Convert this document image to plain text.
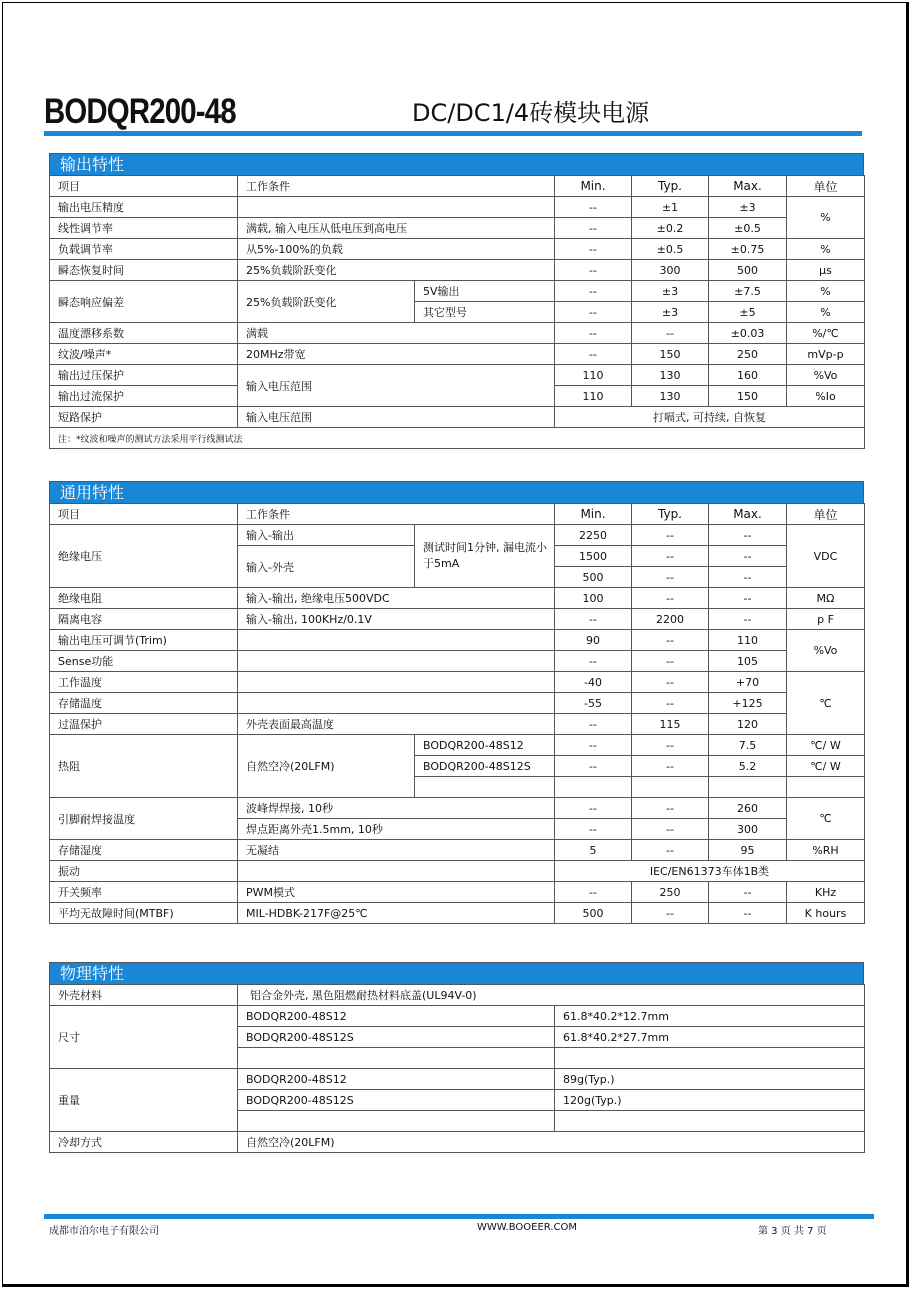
BODQR200-48	DC/DC1/4砖模块电源
输出特性
项目	工作条件		Min.	Typ.	Max.	单位
输出电压精度			--	±1	±3	%
线性调节率	满载, 输入电压从低电压到高电压		--	±0.2	±0.5	
负载调节率	从5%-100%的负载		--	±0.5	±0.75	%
瞬态恢复时间	25%负载阶跃变化		--	300	500	μs
瞬态响应偏差	25%负载阶跃变化	5V输出	--	±3	±7.5	%
		其它型号	--	±3	±5	%
温度漂移系数	满载		--	--	±0.03	%/℃
纹波/噪声*	20MHz带宽		--	150	250	mVp-p
输出过压保护	输入电压范围		110	130	160	%Vo
输出过流保护			110	130	150	%Io
短路保护	输入电压范围		打嗝式, 可持续, 自恢复			
注：*纹波和噪声的测试方法采用平行线测试法						
通用特性
项目	工作条件		Min.	Typ.	Max.	单位
绝缘电压	输入-输出	测试时间1分钟, 漏电流小于5mA	2250	--	--	VDC
	输入-外壳		1500	--	--	
			500	--	--	
绝缘电阻	输入-输出, 绝缘电压500VDC		100	--	--	MΩ
隔离电容	输入-输出, 100KHz/0.1V		--	2200	--	p F
输出电压可调节(Trim)			90	--	110	%Vo
Sense功能			--	--	105	
工作温度			-40	--	+70	℃
存储温度			-55	--	+125	
过温保护	外壳表面最高温度		--	115	120	
热阻	自然空冷(20LFM)	BODQR200-48S12	--	--	7.5	℃/ W
		BODQR200-48S12S	--	--	5.2	℃/ W

引脚耐焊接温度	波峰焊焊接, 10秒		--	--	260	℃
	焊点距离外壳1.5mm, 10秒		--	--	300	
存储湿度	无凝结		5	--	95	%RH
振动			IEC/EN61373车体1B类			
开关频率	PWM模式		--	250	--	KHz
平均无故障时间(MTBF)	MIL-HDBK-217F@25℃		500	--	--	K hours
物理特性
外壳材料	铝合金外壳, 黑色阻燃耐热材料底盖(UL94V-0)	
尺寸	BODQR200-48S12	61.8*40.2*12.7mm
	BODQR200-48S12S	61.8*40.2*27.7mm

重量	BODQR200-48S12	89g(Typ.)
	BODQR200-48S12S	120g(Typ.)

冷却方式	自然空冷(20LFM)	
成都市泊尔电子有限公司	WWW.BOOEER.COM	第 3 页 共 7 页
